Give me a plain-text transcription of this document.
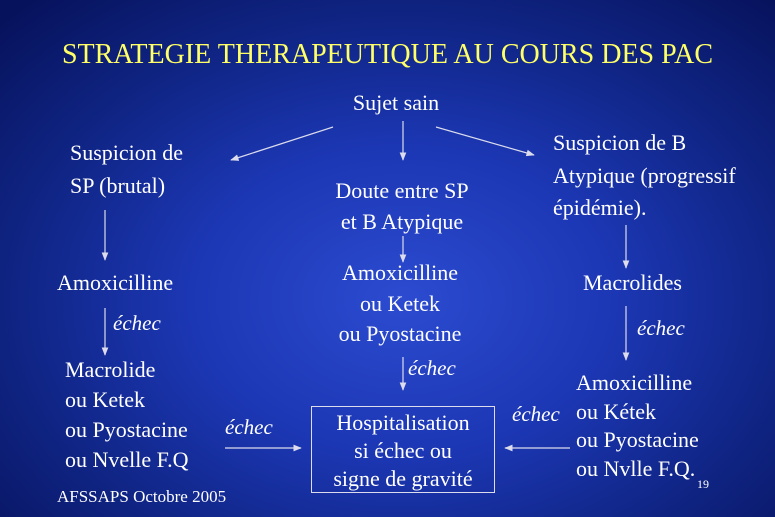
STRATEGIE THERAPEUTIQUE AU COURS DES PAC
Sujet sain
Suspicion de
SP (brutal)	Doute entre SP
et B Atypique
Suspicion de B
Atypique (progressif
épidémie).
Amoxicilline	Amoxicilline
ou Ketek
ou Pyostacine
Macrolides
Macrolide
ou Ketek
ou Pyostacine
ou Nvelle F.Q
Amoxicilline
ou Kétek
ou Pyostacine
ou Nvlle F.Q.
Hospitalisation
si échec ou
signe de gravité
échec
échec
échec
échec
échec
AFSSAPS Octobre 2005
19
